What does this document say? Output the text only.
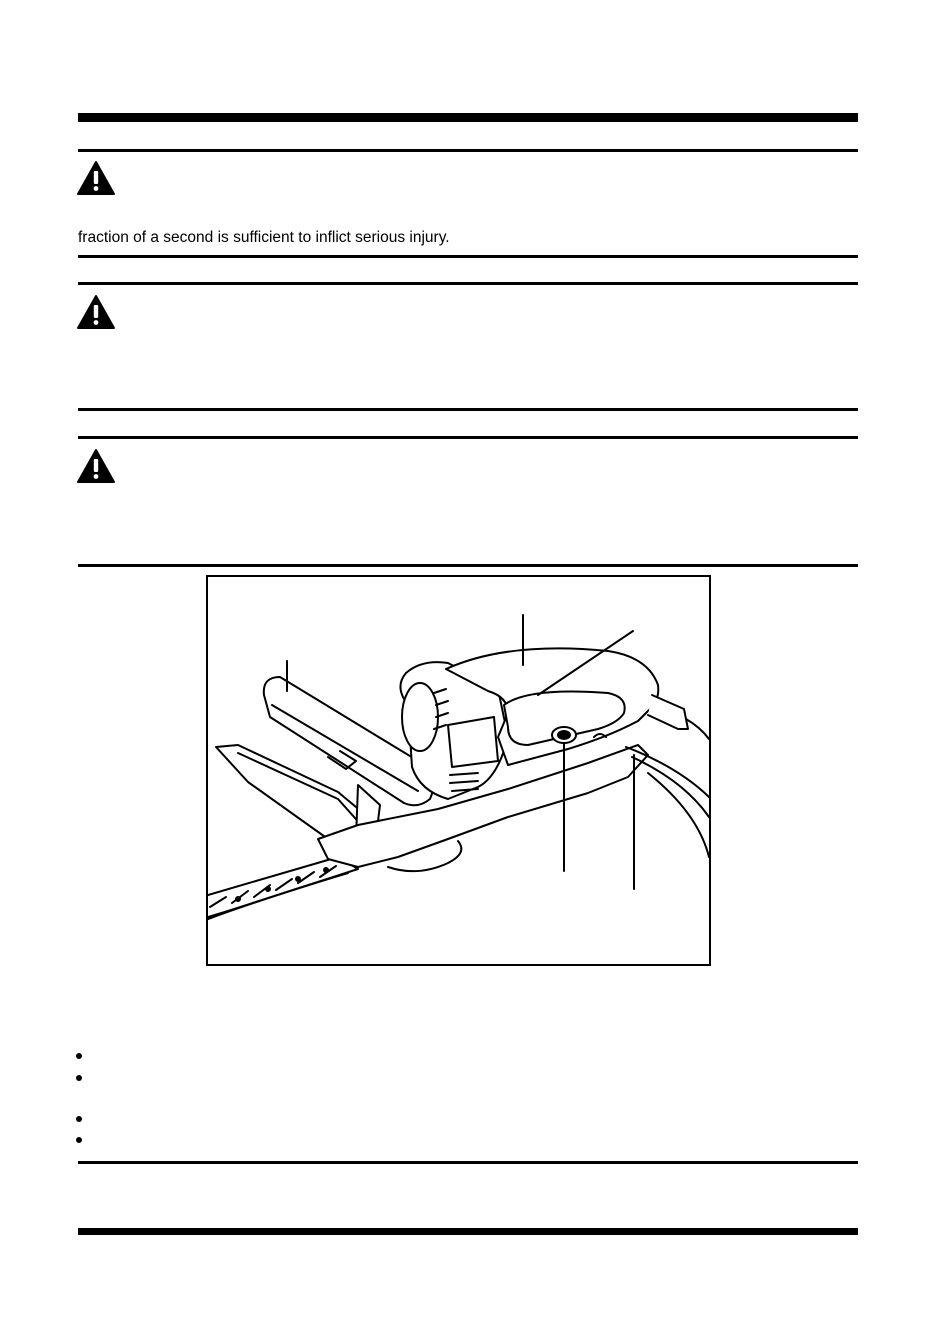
fraction of a second is sufficient to inflict serious injury.
